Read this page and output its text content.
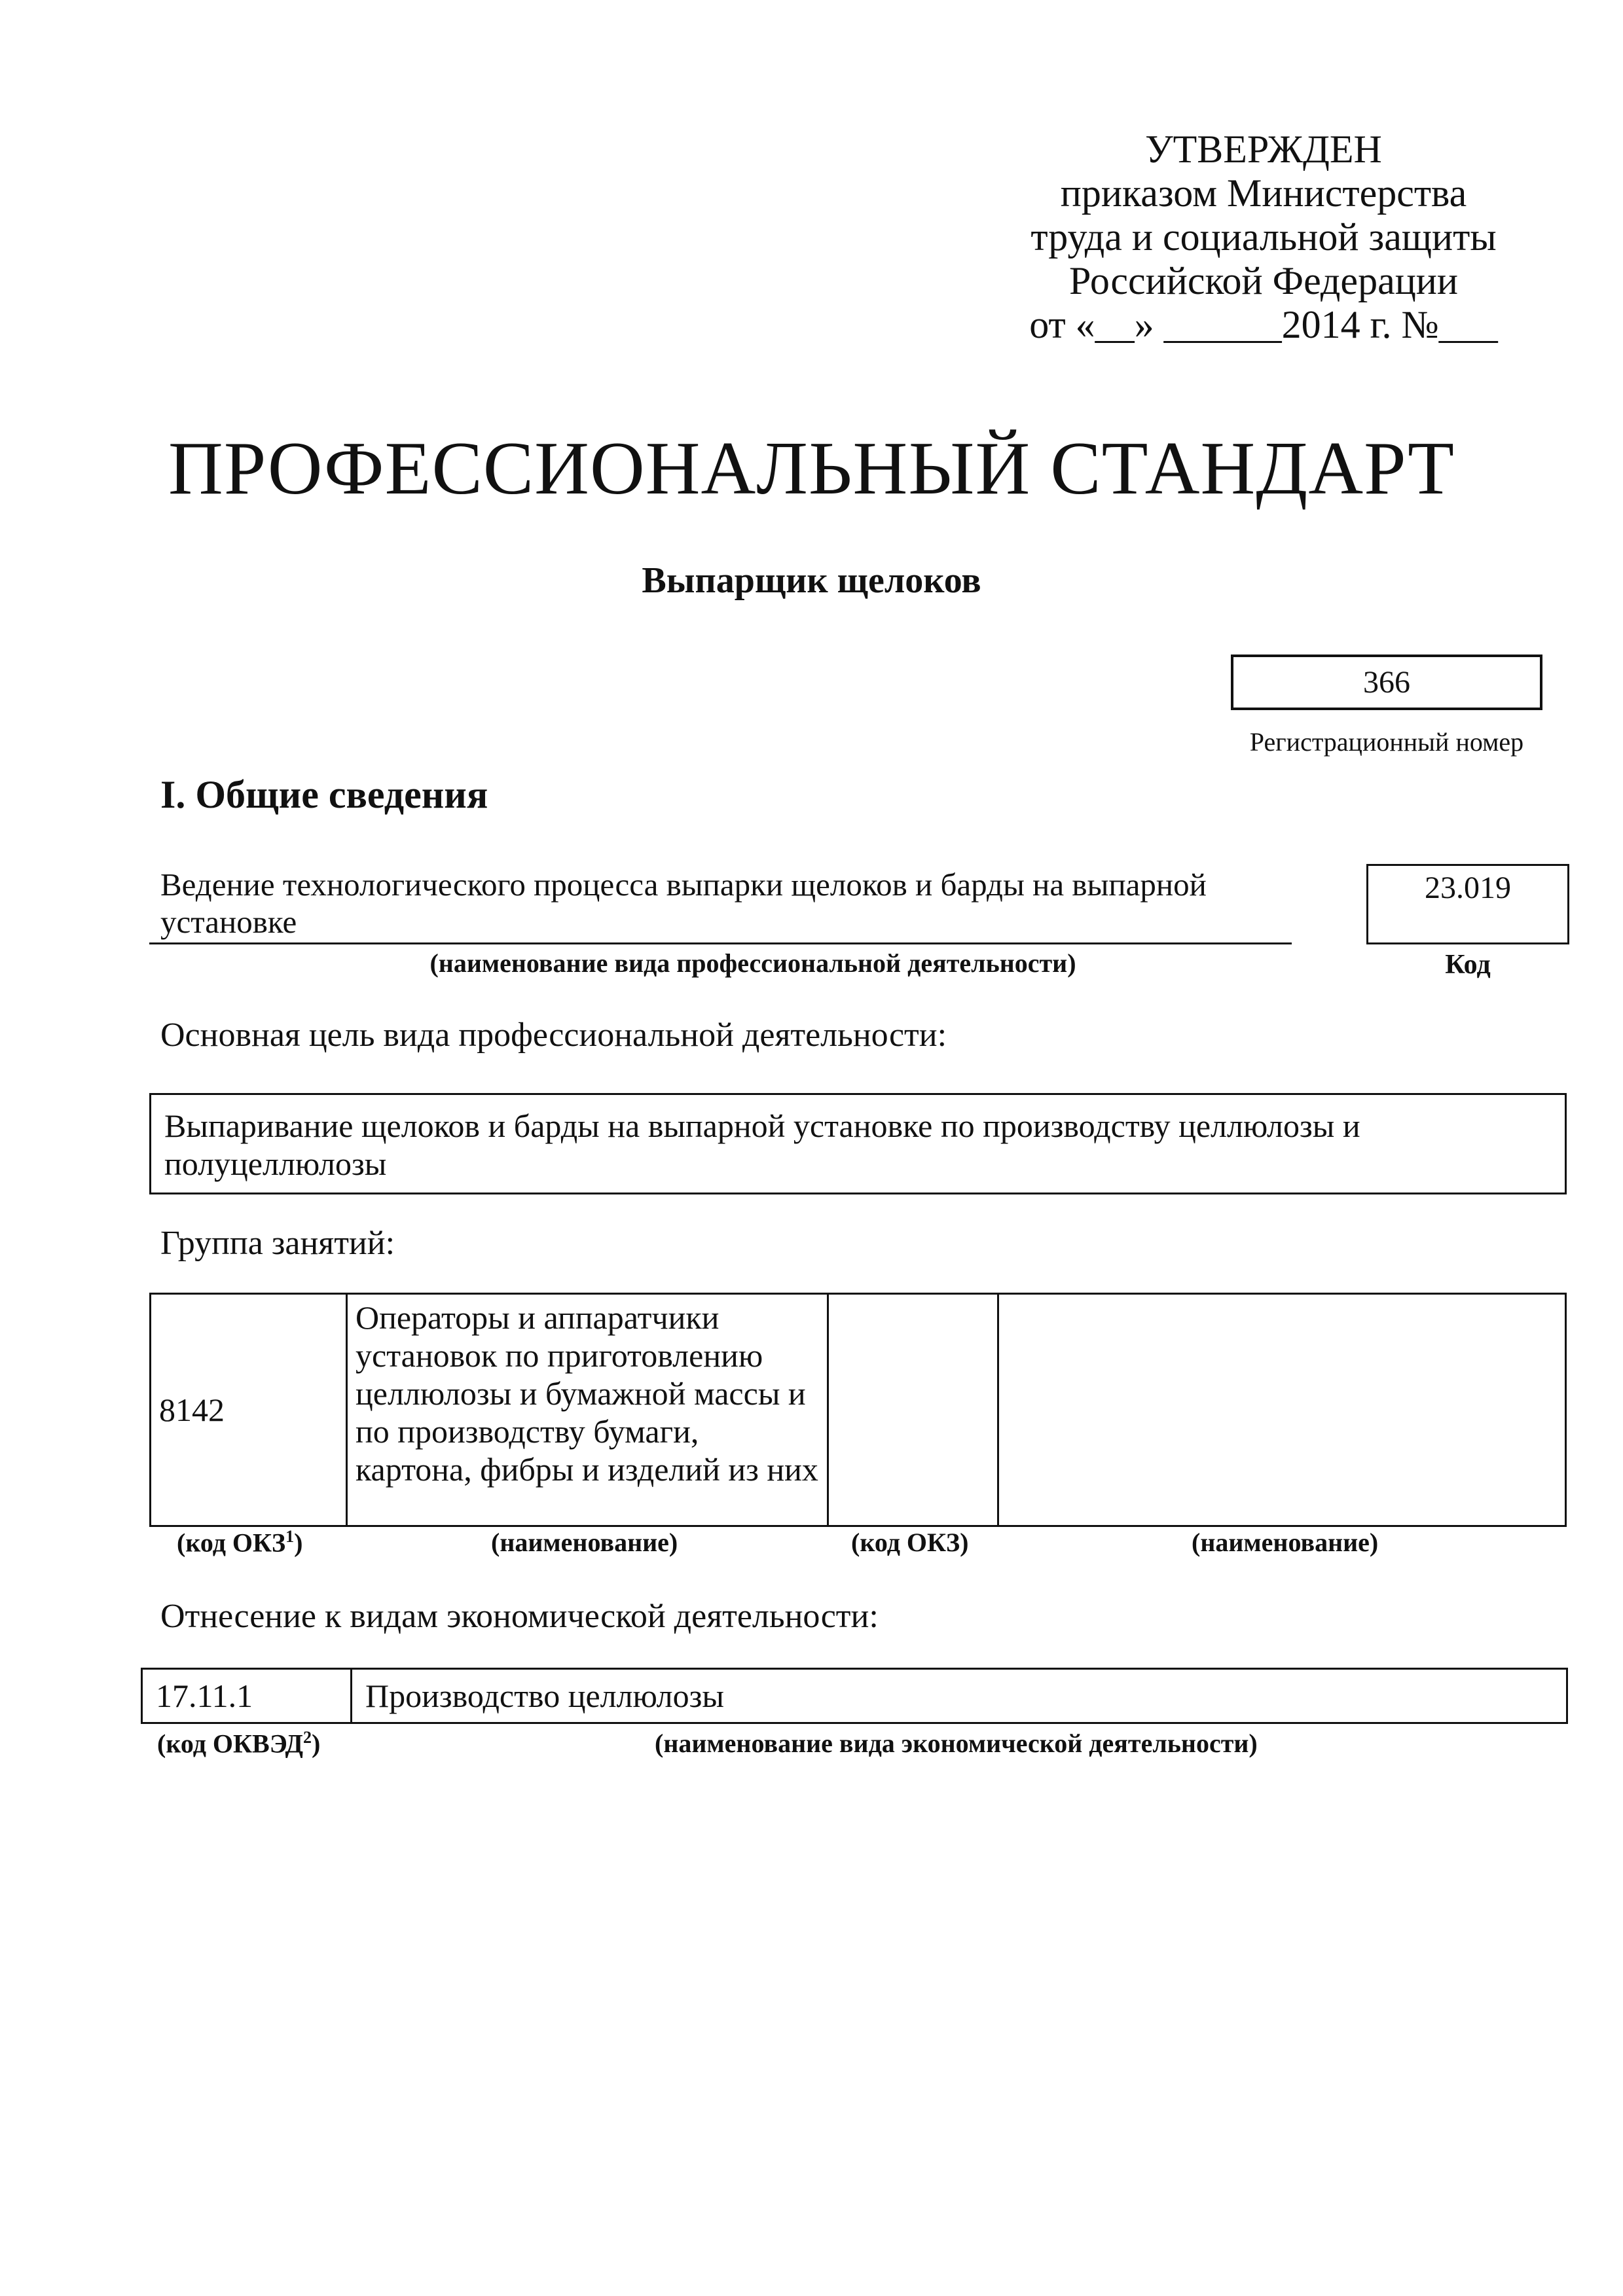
УТВЕРЖДЕН
приказом Министерства
труда и социальной защиты
Российской Федерации
от «__» ______2014 г. №___
ПРОФЕССИОНАЛЬНЫЙ СТАНДАРТ
Выпарщик щелоков
366
Регистрационный номер
I. Общие сведения
Ведение технологического процесса выпарки щелоков и барды на выпарной установке
(наименование вида профессиональной деятельности)
23.019
Код
Основная цель вида профессиональной деятельности:
Выпаривание щелоков и барды на выпарной установке по производству целлюлозы и полуцеллюлозы
Группа занятий:
8142	Операторы и аппаратчики установок по приготовлению целлюлозы и бумажной массы и по производству бумаги, картона, фибры и изделий из них		
(код ОКЗ$^1$)	(наименование)	(код ОКЗ)	(наименование)
Отнесение к видам экономической деятельности:
17.11.1	Производство целлюлозы
(код ОКВЭД$^2$)	(наименование вида экономической деятельности)
